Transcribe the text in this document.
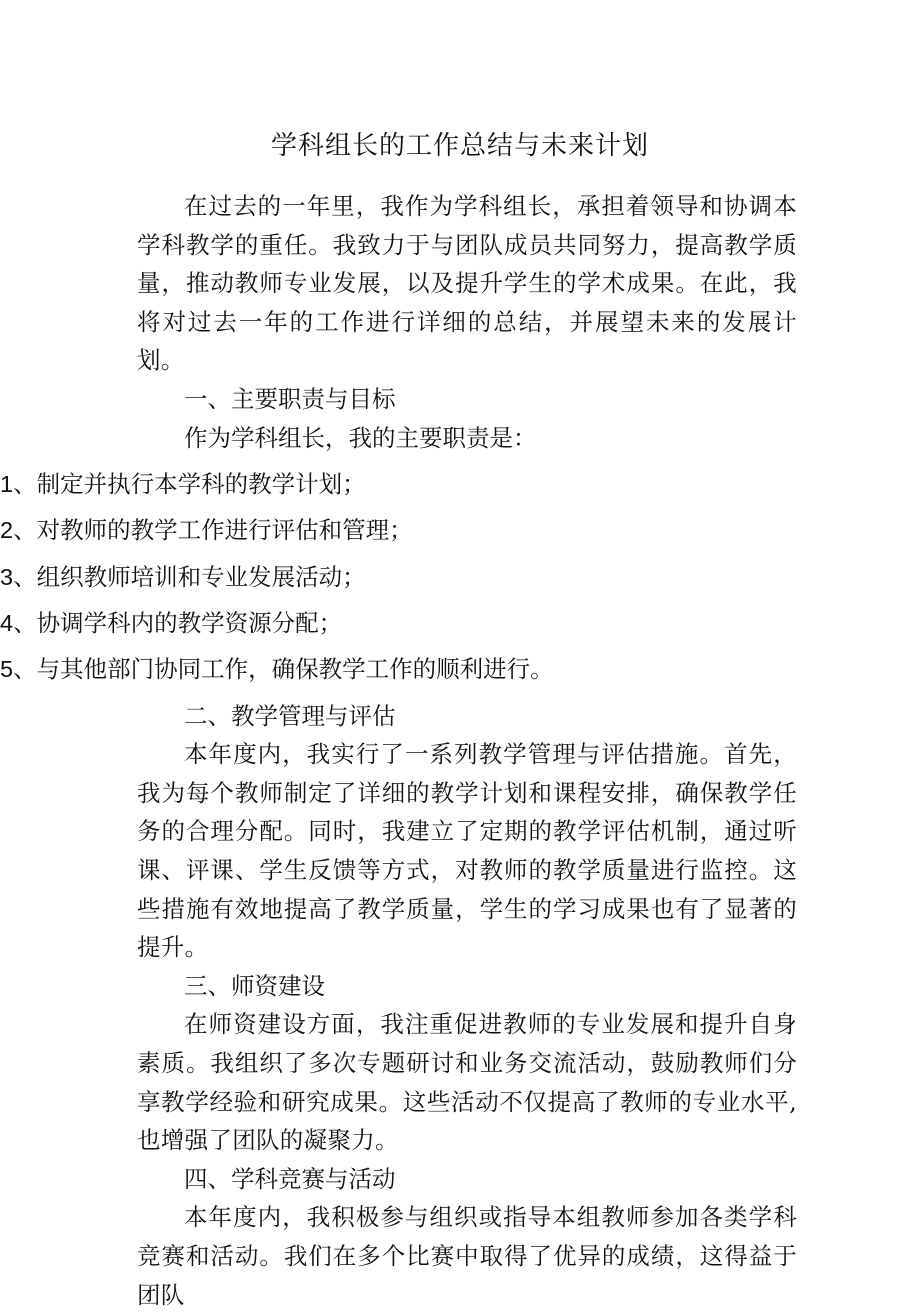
学科组长的工作总结与未来计划

在过去的一年里，我作为学科组长，承担着领导和协调本学科教学的重任。我致力于与团队成员共同努力，提高教学质量，推动教师专业发展，以及提升学生的学术成果。在此，我将对过去一年的工作进行详细的总结，并展望未来的发展计划。

一、主要职责与目标

作为学科组长，我的主要职责是：

1、制定并执行本学科的教学计划；
2、对教师的教学工作进行评估和管理；
3、组织教师培训和专业发展活动；
4、协调学科内的教学资源分配；
5、与其他部门协同工作，确保教学工作的顺利进行。

二、教学管理与评估

本年度内，我实行了一系列教学管理与评估措施。首先，我为每个教师制定了详细的教学计划和课程安排，确保教学任务的合理分配。同时，我建立了定期的教学评估机制，通过听课、评课、学生反馈等方式，对教师的教学质量进行监控。这些措施有效地提高了教学质量，学生的学习成果也有了显著的提升。

三、师资建设

在师资建设方面，我注重促进教师的专业发展和提升自身素质。我组织了多次专题研讨和业务交流活动，鼓励教师们分享教学经验和研究成果。这些活动不仅提高了教师的专业水平,也增强了团队的凝聚力。

四、学科竞赛与活动

本年度内，我积极参与组织或指导本组教师参加各类学科竞赛和活动。我们在多个比赛中取得了优异的成绩，这得益于团队
